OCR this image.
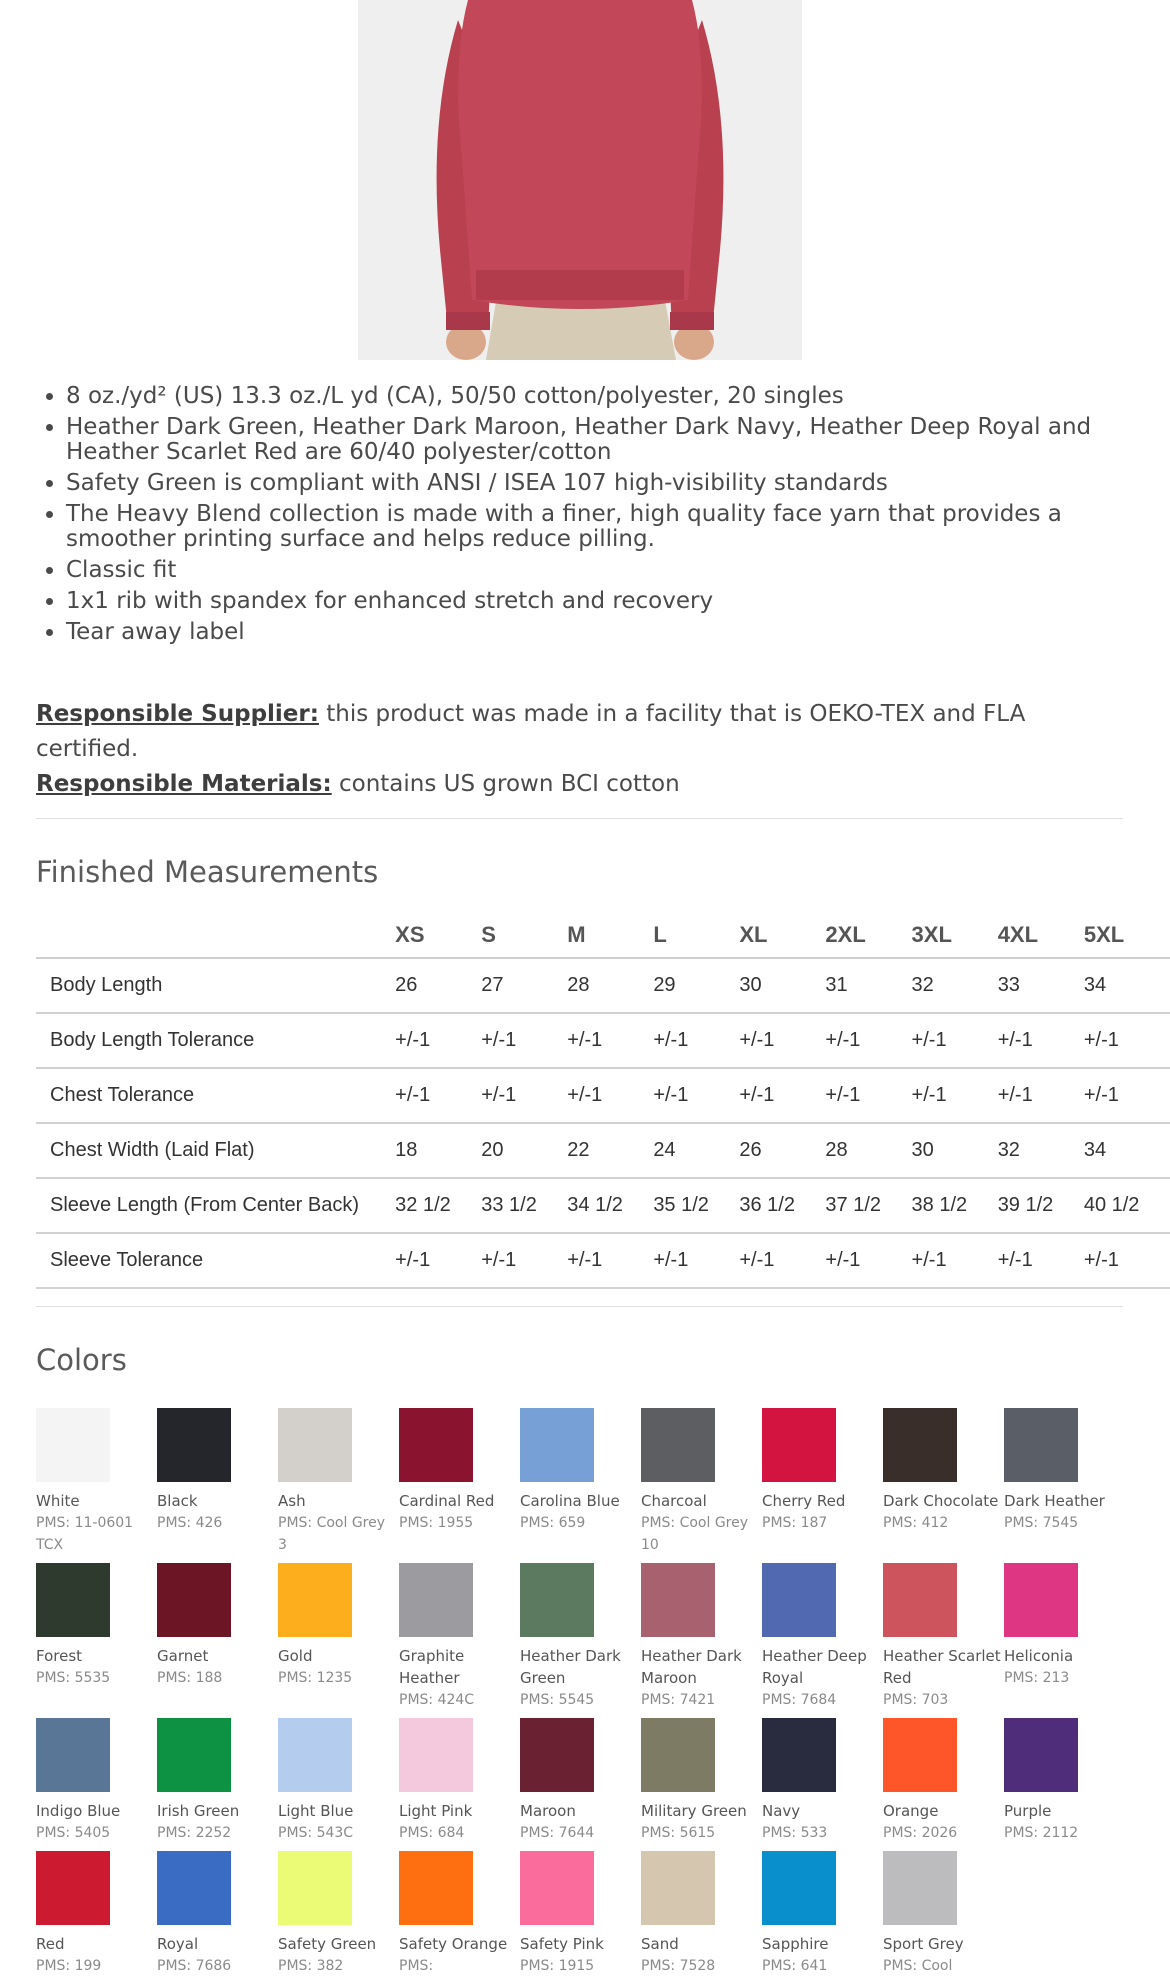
• 8 oz./yd² (US) 13.3 oz./L yd (CA), 50/50 cotton/polyester, 20 singles
• Heather Dark Green, Heather Dark Maroon, Heather Dark Navy, Heather Deep Royal and Heather Scarlet Red are 60/40 polyester/cotton
• Safety Green is compliant with ANSI / ISEA 107 high-visibility standards
• The Heavy Blend collection is made with a finer, high quality face yarn that provides a smoother printing surface and helps reduce pilling.
• Classic fit
• 1x1 rib with spandex for enhanced stretch and recovery
• Tear away label

Responsible Supplier: this product was made in a facility that is OEKO-TEX and FLA certified.

Responsible Materials: contains US grown BCI cotton

Finished Measurements
	XS	S	M	L	XL	2XL	3XL	4XL	5XL
Body Length	26	27	28	29	30	31	32	33	34
Body Length Tolerance	+/-1	+/-1	+/-1	+/-1	+/-1	+/-1	+/-1	+/-1	+/-1
Chest Tolerance	+/-1	+/-1	+/-1	+/-1	+/-1	+/-1	+/-1	+/-1	+/-1
Chest Width (Laid Flat)	18	20	22	24	26	28	30	32	34
Sleeve Length (From Center Back)	32 1/2	33 1/2	34 1/2	35 1/2	36 1/2	37 1/2	38 1/2	39 1/2	40 1/2
Sleeve Tolerance	+/-1	+/-1	+/-1	+/-1	+/-1	+/-1	+/-1	+/-1	+/-1
Colors
White
PMS: 11-0601 TCX
Black
PMS: 426
Ash
PMS: Cool Grey 3
Cardinal Red
PMS: 1955
Carolina Blue
PMS: 659
Charcoal
PMS: Cool Grey 10
Cherry Red
PMS: 187
Dark Chocolate
PMS: 412
Dark Heather
PMS: 7545
Forest
PMS: 5535
Garnet
PMS: 188
Gold
PMS: 1235
Graphite Heather
PMS: 424C
Heather Dark Green
PMS: 5545
Heather Dark Maroon
PMS: 7421
Heather Deep Royal
PMS: 7684
Heather Scarlet Red
PMS: 703
Heliconia
PMS: 213
Indigo Blue
PMS: 5405
Irish Green
PMS: 2252
Light Blue
PMS: 543C
Light Pink
PMS: 684
Maroon
PMS: 7644
Military Green
PMS: 5615
Navy
PMS: 533
Orange
PMS: 2026
Purple
PMS: 2112
Red
PMS: 199
Royal
PMS: 7686
Safety Green
PMS: 382
Safety Orange
PMS:
Safety Pink
PMS: 1915
Sand
PMS: 7528
Sapphire
PMS: 641
Sport Grey
PMS: Cool
